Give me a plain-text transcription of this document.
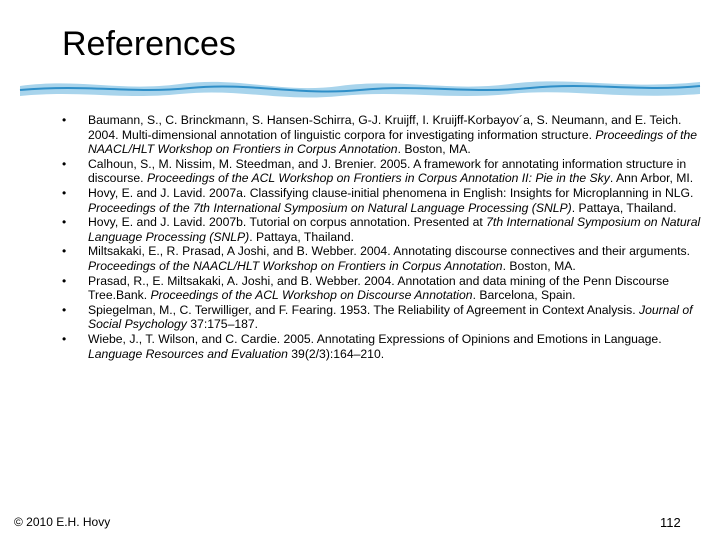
References
•	Baumann, S., C. Brinckmann, S. Hansen-Schirra, G-J. Kruijff, I. Kruijff-Korbayov´a, S. Neumann, and E. Teich. 2004. Multi-dimensional annotation of linguistic corpora for investigating information structure. Proceedings of the NAACL/HLT Workshop on Frontiers in Corpus Annotation. Boston, MA.
•	Calhoun, S., M. Nissim, M. Steedman, and J. Brenier. 2005. A framework for annotating information structure in discourse. Proceedings of the ACL Workshop on Frontiers in Corpus Annotation II: Pie in the Sky. Ann Arbor, MI.
•	Hovy, E. and J. Lavid. 2007a. Classifying clause-initial phenomena in English: Insights for Microplanning in NLG. Proceedings of the 7th International Symposium on Natural Language Processing (SNLP). Pattaya, Thailand.
•	Hovy, E. and J. Lavid. 2007b. Tutorial on corpus annotation. Presented at 7th International Symposium on Natural Language Processing (SNLP). Pattaya, Thailand.
•	Miltsakaki, E., R. Prasad, A Joshi, and B. Webber. 2004. Annotating discourse connectives and their arguments. Proceedings of the NAACL/HLT Workshop on Frontiers in Corpus Annotation. Boston, MA.
•	Prasad, R., E. Miltsakaki, A. Joshi, and B. Webber. 2004. Annotation and data mining of the Penn Discourse Tree.Bank. Proceedings of the ACL Workshop on Discourse Annotation. Barcelona, Spain.
•	Spiegelman, M., C. Terwilliger, and F. Fearing. 1953. The Reliability of Agreement in Context Analysis. Journal of Social Psychology 37:175–187.
•	Wiebe, J., T. Wilson, and C. Cardie. 2005. Annotating Expressions of Opinions and Emotions in Language. Language Resources and Evaluation 39(2/3):164–210.
© 2010 E.H. Hovy	112
